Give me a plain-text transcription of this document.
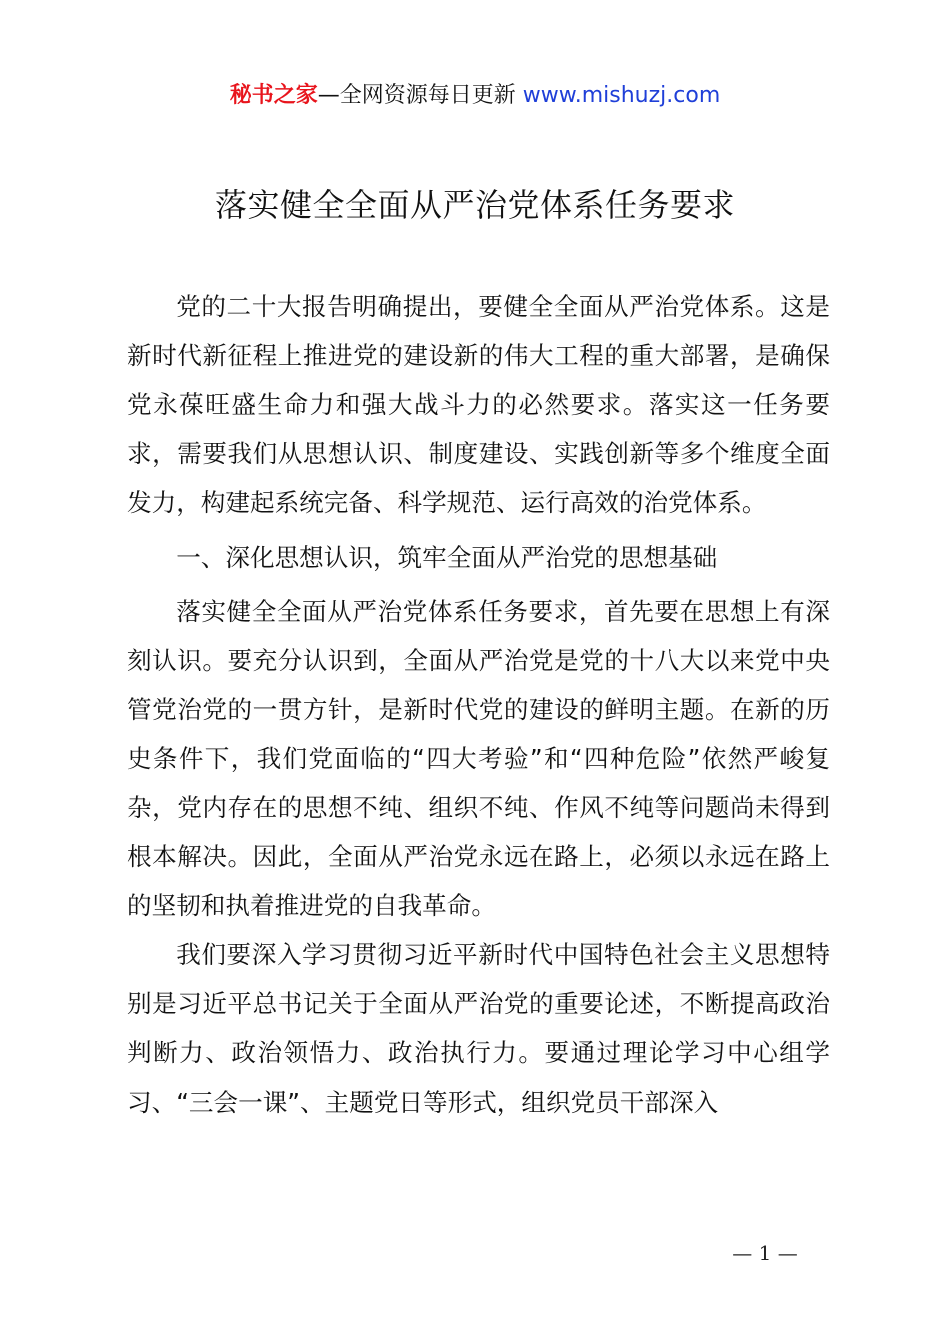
秘书之家—全网资源每日更新 www.mishuzj.com
落实健全全面从严治党体系任务要求

党的二十大报告明确提出，要健全全面从严治党体系。这是新时代新征程上推进党的建设新的伟大工程的重大部署，是确保党永葆旺盛生命力和强大战斗力的必然要求。落实这一任务要求，需要我们从思想认识、制度建设、实践创新等多个维度全面发力，构建起系统完备、科学规范、运行高效的治党体系。

一、深化思想认识，筑牢全面从严治党的思想基础

落实健全全面从严治党体系任务要求，首先要在思想上有深刻认识。要充分认识到，全面从严治党是党的十八大以来党中央管党治党的一贯方针，是新时代党的建设的鲜明主题。在新的历史条件下，我们党面临的“四大考验”和“四种危险”依然严峻复杂，党内存在的思想不纯、组织不纯、作风不纯等问题尚未得到根本解决。因此，全面从严治党永远在路上，必须以永远在路上的坚韧和执着推进党的自我革命。

我们要深入学习贯彻习近平新时代中国特色社会主义思想特别是习近平总书记关于全面从严治党的重要论述，不断提高政治判断力、政治领悟力、政治执行力。要通过理论学习中心组学习、“三会一课”、主题党日等形式，组织党员干部深入

— 1 —
